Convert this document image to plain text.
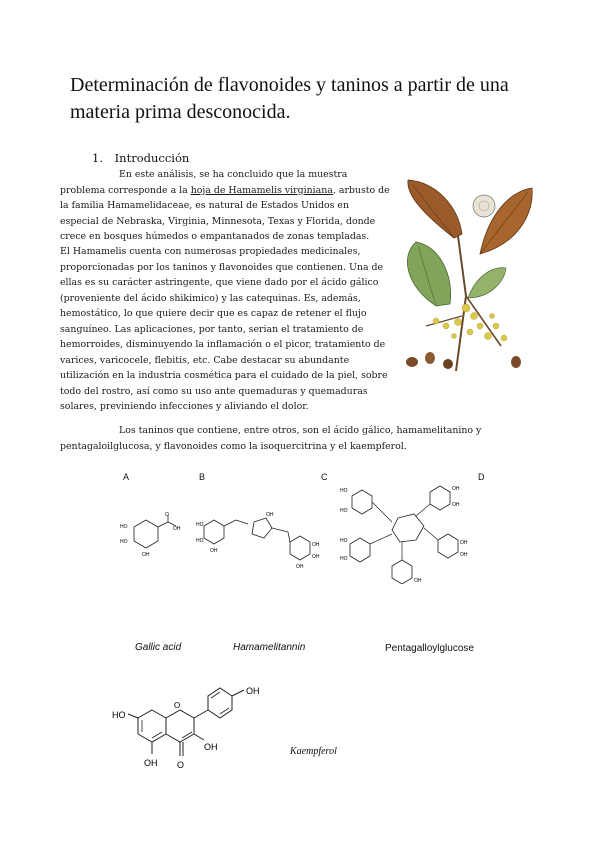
Determinación de flavonoides y taninos a partir de una materia prima desconocida.
1. Introducción

En este análisis, se ha concluido que la muestra problema corresponde a la hoja de Hamamelis virginiana, arbusto de la familia Hamamelidaceae, es natural de Estados Unidos en especial de Nebraska, Virginia, Minnesota, Texas y Florida, donde crece en bosques húmedos o empantanados de zonas templadas.

El Hamamelis cuenta con numerosas propiedades medicinales, proporcionadas por los taninos y flavonoides que contienen. Una de ellas es su carácter astringente, que viene dado por el ácido gálico (proveniente del ácido shikimico) y las catequinas. Es, además, hemostático, lo que quiere decir que es capaz de retener el flujo sanguíneo. Las aplicaciones, por tanto, serian el tratamiento de hemorroides, disminuyendo la inflamación o el picor, tratamiento de varices, varicocele, flebitis, etc. Cabe destacar su abundante utilización en la industria cosmética para el cuidado de la piel, sobre todo del rostro, así como su uso ante quemaduras y quemaduras solares, previniendo infecciones y aliviando el dolor.

Los taninos que contiene, entre otros, son el ácido gálico, hamamelitanino y pentagaloilglucosa, y flavonoides como la isoquercitrina y el kaempferol.

A	B	C	D
OH
O
HO
HO
OH
HO
HO
OH
OH
OH
OH
OH
HO
HO
OH
OH
HO
HO
OH
OH
OH
Gallic acid	Hamamelitannin	Pentagalloylglucose
O
HO
OH
OH
OH O
Kaempferol
